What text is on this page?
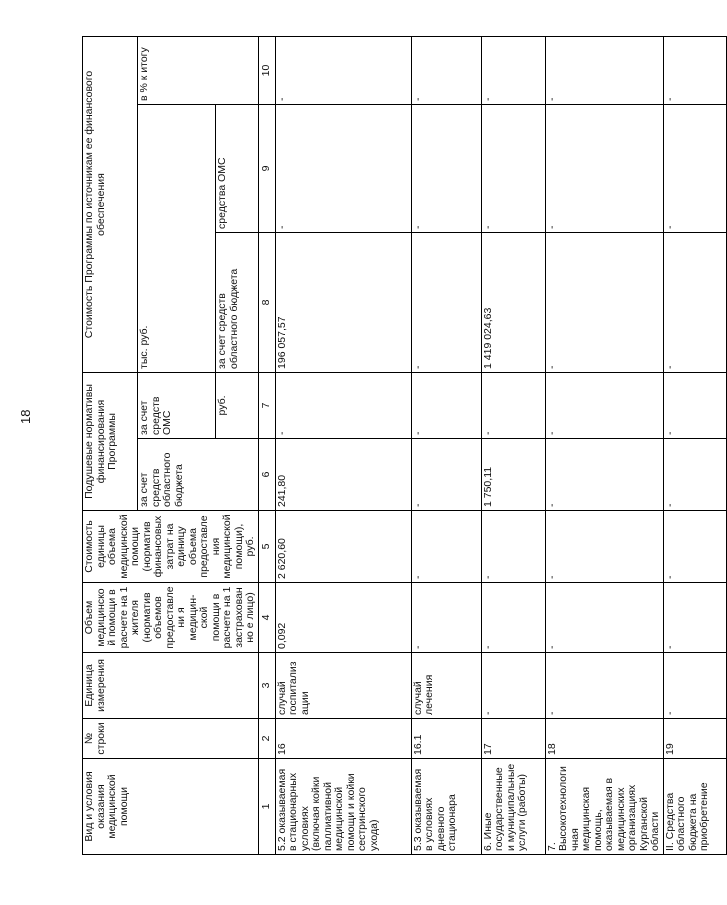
18
Вид и условия оказания медицинской помощи	№ строки	Единица измерения	Объем медицинской помощи в расчете на 1 жителя (норматив объемов предоставлени я медицин- ской помощи в расчете на 1 застрахованно е лицо)	Стоимость единицы объема медицинской помощи (норматив финансовых затрат на единицу объема предоставления медицинской помощи), руб.	Подушевые нормативы финансирования Программы		Стоимость Программы по источникам ее финансового обеспечения		
					за счет средств областного бюджета	за счет средств ОМС	тыс. руб.		в % к итогу
						руб.	за счет средств областного бюджета	средства ОМС	
1	2	3	4	5	6	7	8	9	10
5.2 оказываемая в стационарных условиях (включая койки паллиативной медицинской помощи и койки сестринского ухода)	16	случай госпитализ ации	0,092	2 620,60	241,80	-	196 057,57	-	-
5.3 оказываемая в условиях дневного стационара	16.1	случай лечения	-	-	-	-	-	-	-
6. Иные государственные и муниципальные услуги (работы)	17	-	-	-	1 750,11	-	1 419 024,63	-	-
7. Высокотехнологичная медицинская помощь, оказываемая в медицинских организациях Курганской области	18	-	-	-	-	-	-	-	-
II. Средства областного бюджета на приобретение	19	-	-	-	-	-	-	-	-
